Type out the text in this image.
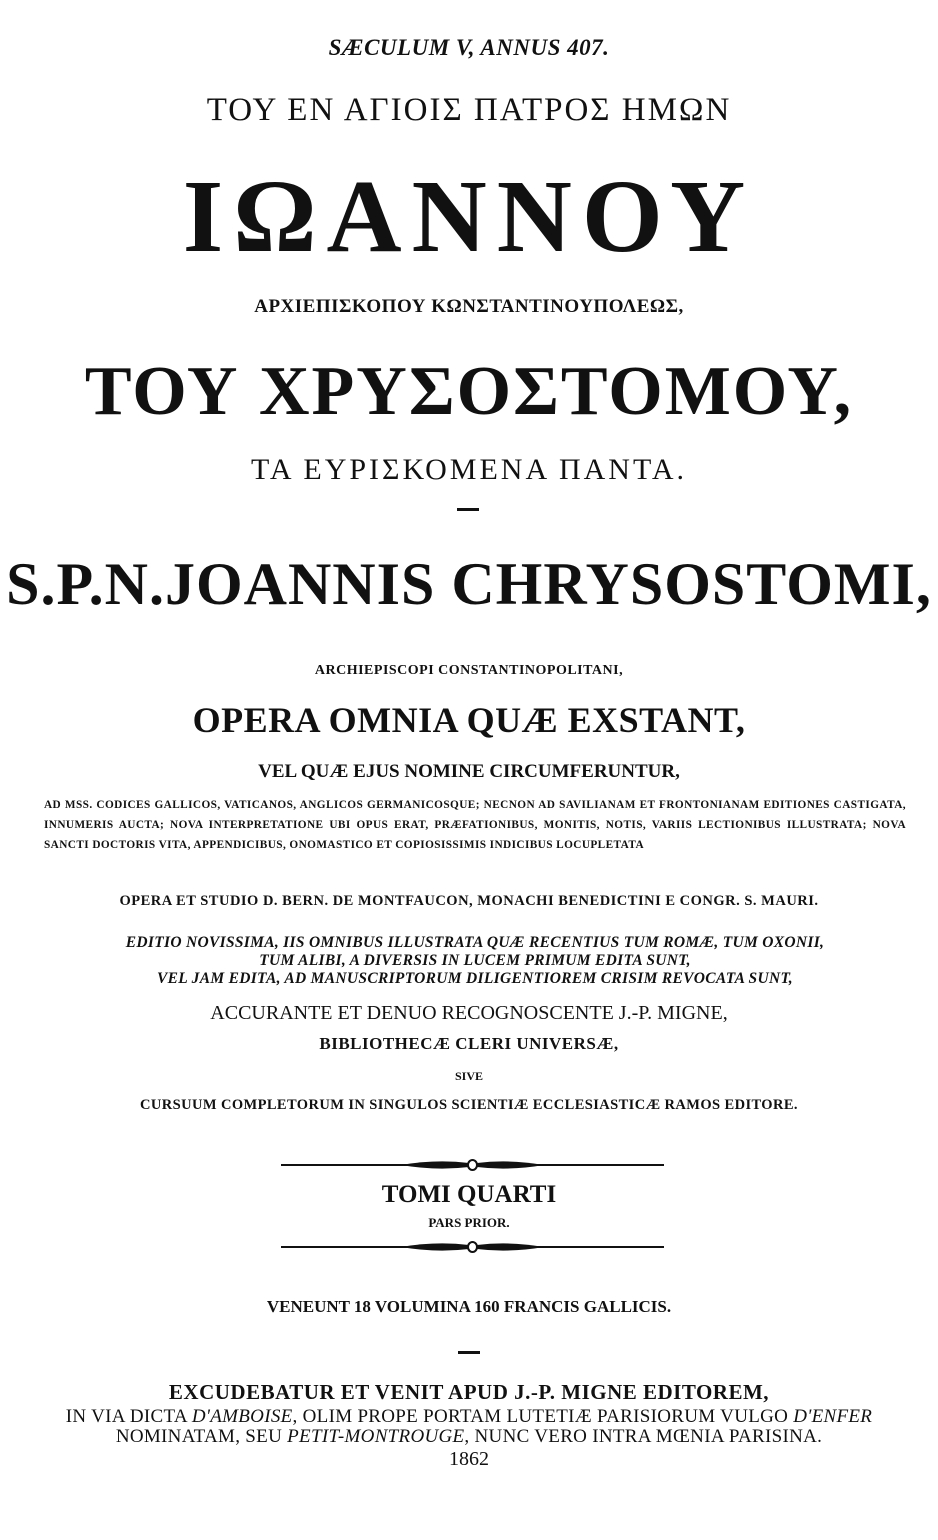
SÆCULUM V, ANNUS 407.

ΤΟΥ ΕΝ ΑΓΙΟΙΣ ΠΑΤΡΟΣ ΗΜΩΝ

ΙΩΑΝΝΟΥ

ΑΡΧΙΕΠΙΣΚΟΠΟΥ ΚΩΝΣΤΑΝΤΙΝΟΥΠΟΛΕΩΣ,

ΤΟΥ ΧΡΥΣΟΣΤΟΜΟΥ,

ΤΑ ΕΥΡΙΣΚΟΜΕΝΑ ΠΑΝΤΑ.

S.P.N.JOANNIS CHRYSOSTOMI,

ARCHIEPISCOPI CONSTANTINOPOLITANI,

OPERA OMNIA QUÆ EXSTANT,

VEL QUÆ EJUS NOMINE CIRCUMFERUNTUR,

AD MSS. CODICES GALLICOS, VATICANOS, ANGLICOS GERMANICOSQUE; NECNON AD SAVILIANAM ET FRONTONIANAM EDITIONES CASTIGATA, INNUMERIS AUCTA; NOVA INTERPRETATIONE UBI OPUS ERAT, PRÆFATIONIBUS, MONITIS, NOTIS, VARIIS LECTIONIBUS ILLUSTRATA; NOVA SANCTI DOCTORIS VITA, APPENDICIBUS, ONOMASTICO ET COPIOSISSIMIS INDICIBUS LOCUPLETATA

OPERA ET STUDIO D. BERN. DE MONTFAUCON, MONACHI BENEDICTINI E CONGR. S. MAURI.

EDITIO NOVISSIMA, IIS OMNIBUS ILLUSTRATA QUÆ RECENTIUS TUM ROMÆ, TUM OXONII,
TUM ALIBI, A DIVERSIS IN LUCEM PRIMUM EDITA SUNT,
VEL JAM EDITA, AD MANUSCRIPTORUM DILIGENTIOREM CRISIM REVOCATA SUNT,

ACCURANTE ET DENUO RECOGNOSCENTE J.-P. MIGNE,

BIBLIOTHECÆ CLERI UNIVERSÆ,

SIVE

CURSUUM COMPLETORUM IN SINGULOS SCIENTIÆ ECCLESIASTICÆ RAMOS EDITORE.

TOMI QUARTI

PARS PRIOR.

VENEUNT 18 VOLUMINA 160 FRANCIS GALLICIS.

EXCUDEBATUR ET VENIT APUD J.-P. MIGNE EDITOREM,

IN VIA DICTA D'AMBOISE, OLIM PROPE PORTAM LUTETIÆ PARISIORUM VULGO D'ENFER

NOMINATAM, SEU PETIT-MONTROUGE, NUNC VERO INTRA MŒNIA PARISINA.

1862
